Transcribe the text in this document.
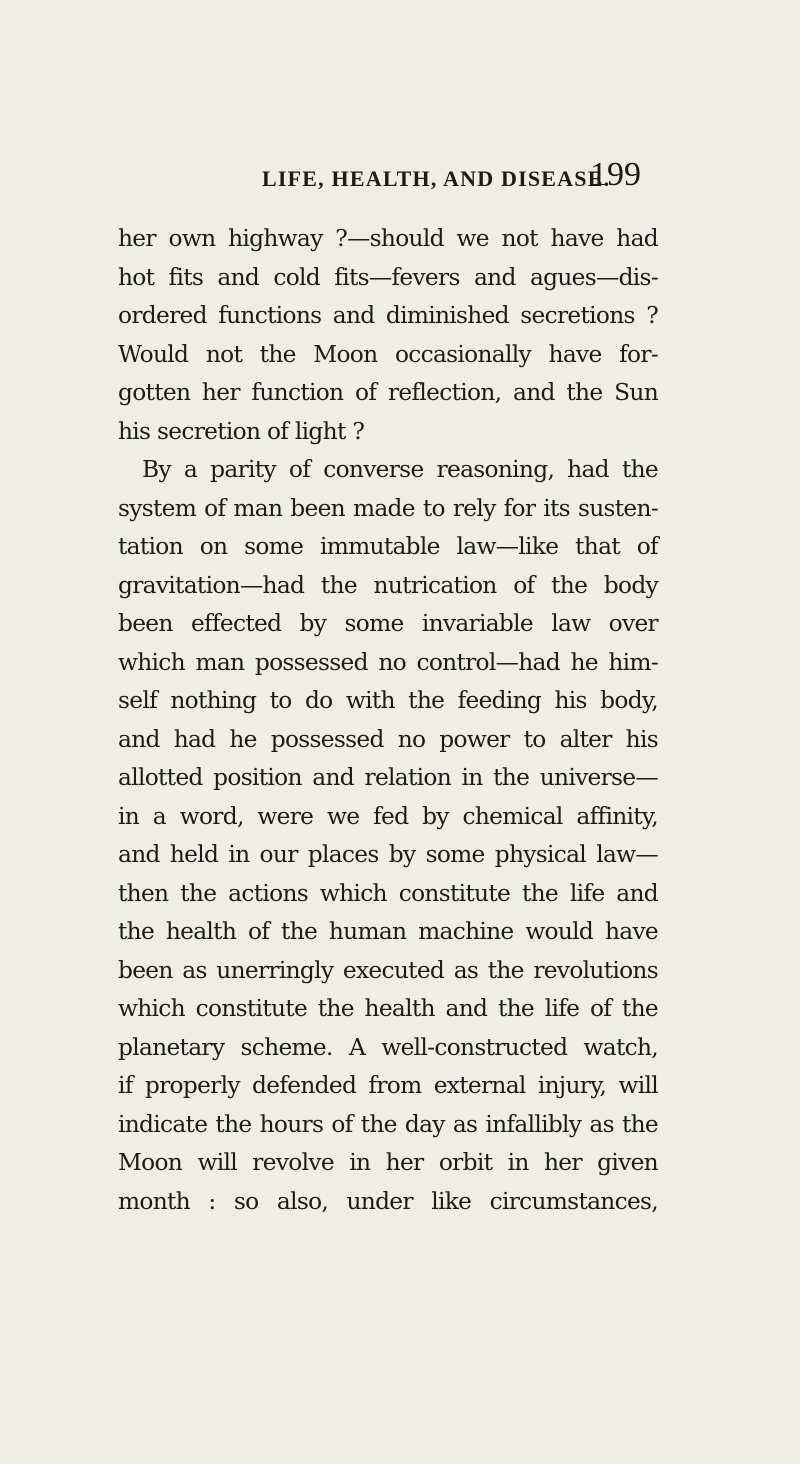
LIFE, HEALTH, AND DISEASE.
199
her own highway ?—should we not have had
hot fits and cold fits—fevers and agues—dis-
ordered functions and diminished secretions ?
Would not the Moon occasionally have for-
gotten her function of reflection, and the Sun
his secretion of light ?
By a parity of converse reasoning, had the
system of man been made to rely for its susten-
tation on some immutable law—like that of
gravitation—had the nutrication of the body
been effected by some invariable law over
which man possessed no control—had he him-
self nothing to do with the feeding his body,
and had he possessed no power to alter his
allotted position and relation in the universe—
in a word, were we fed by chemical affinity,
and held in our places by some physical law—
then the actions which constitute the life and
the health of the human machine would have
been as unerringly executed as the revolutions
which constitute the health and the life of the
planetary scheme. A well-constructed watch,
if properly defended from external injury, will
indicate the hours of the day as infallibly as the
Moon will revolve in her orbit in her given
month : so also, under like circumstances,
